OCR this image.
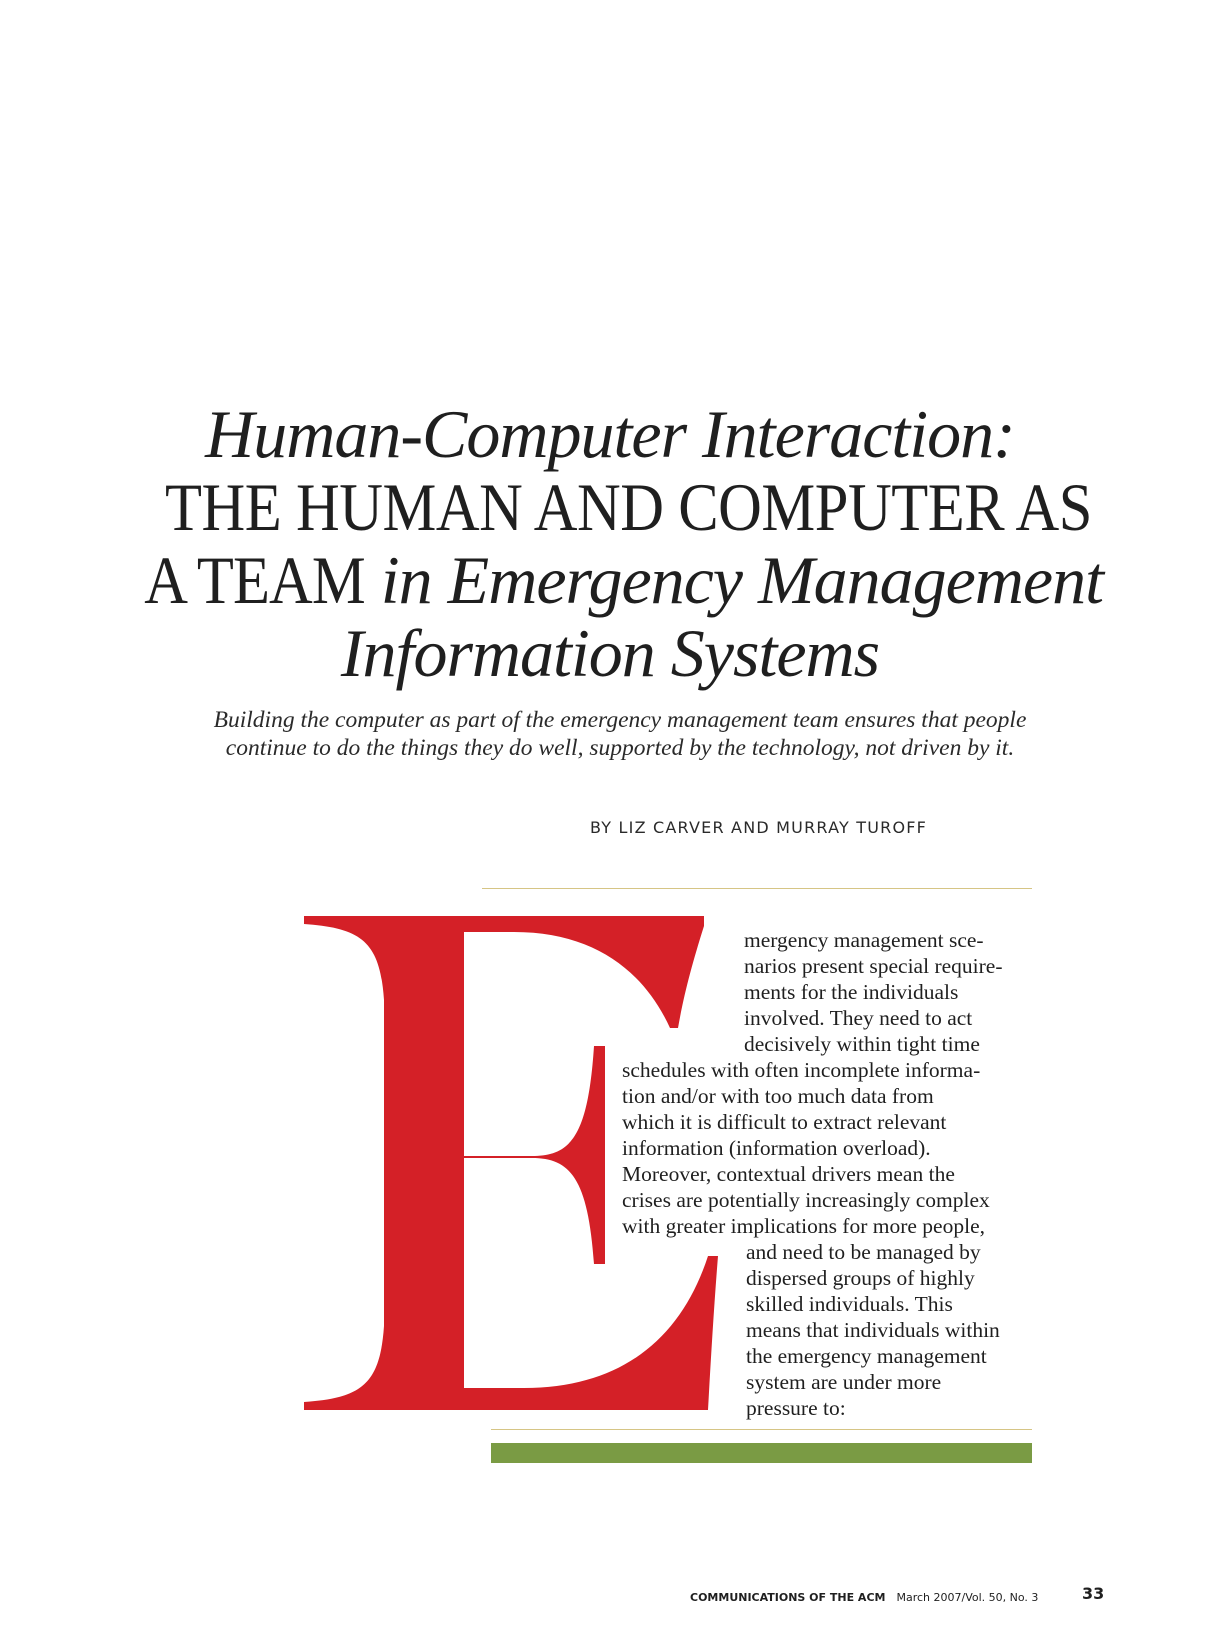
Human-Computer Interaction:
THE HUMAN AND COMPUTER AS
A TEAM in Emergency Management
Information Systems
Building the computer as part of the emergency management team ensures that people
continue to do the things they do well, supported by the technology, not driven by it.
BY LIZ CARVER AND MURRAY TUROFF
mergency management sce-
narios present special require-
ments for the individuals
involved. They need to act
decisively within tight time
schedules with often incomplete informa-
tion and/or with too much data from
which it is difficult to extract relevant
information (information overload).
Moreover, contextual drivers mean the
crises are potentially increasingly complex
with greater implications for more people,
and need to be managed by
dispersed groups of highly
skilled individuals. This
means that individuals within
the emergency management
system are under more
pressure to:
COMMUNICATIONS OF THE ACM March 2007/Vol. 50, No. 3	33
